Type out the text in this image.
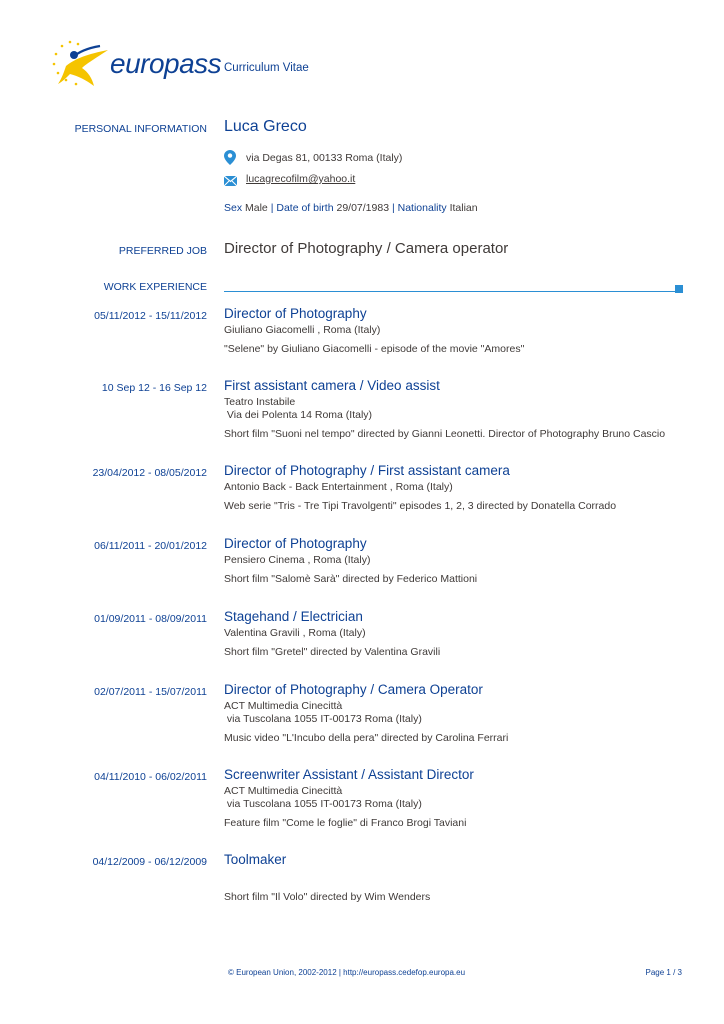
europass Curriculum Vitae
PERSONAL INFORMATION Luca Greco
via Degas 81, 00133 Roma (Italy)
lucagrecofilm@yahoo.it
Sex Male | Date of birth 29/07/1983 | Nationality Italian
PREFERRED JOB Director of Photography / Camera operator
WORK EXPERIENCE
05/11/2012 - 15/11/2012 Director of Photography
Giuliano Giacomelli , Roma (Italy)
"Selene" by Giuliano Giacomelli - episode of the movie "Amores"
10 Sep 12 - 16 Sep 12 First assistant camera / Video assist
Teatro Instabile
Via dei Polenta 14 Roma (Italy)
Short film "Suoni nel tempo" directed by Gianni Leonetti. Director of Photography Bruno Cascio
23/04/2012 - 08/05/2012 Director of Photography / First assistant camera
Antonio Back - Back Entertainment , Roma (Italy)
Web serie "Tris - Tre Tipi Travolgenti" episodes 1, 2, 3 directed by Donatella Corrado
06/11/2011 - 20/01/2012 Director of Photography
Pensiero Cinema , Roma (Italy)
Short film "Salomè Sarà" directed by Federico Mattioni
01/09/2011 - 08/09/2011 Stagehand / Electrician
Valentina Gravili , Roma (Italy)
Short film "Gretel" directed by Valentina Gravili
02/07/2011 - 15/07/2011 Director of Photography / Camera Operator
ACT Multimedia Cinecittà
via Tuscolana 1055 IT-00173 Roma (Italy)
Music video "L'Incubo della pera" directed by Carolina Ferrari
04/11/2010 - 06/02/2011 Screenwriter Assistant / Assistant Director
ACT Multimedia Cinecittà
via Tuscolana 1055 IT-00173 Roma (Italy)
Feature film "Come le foglie" di Franco Brogi Taviani
04/12/2009 - 06/12/2009 Toolmaker
Short film "Il Volo" directed by Wim Wenders
© European Union, 2002-2012 | http://europass.cedefop.europa.eu	Page 1 / 3
